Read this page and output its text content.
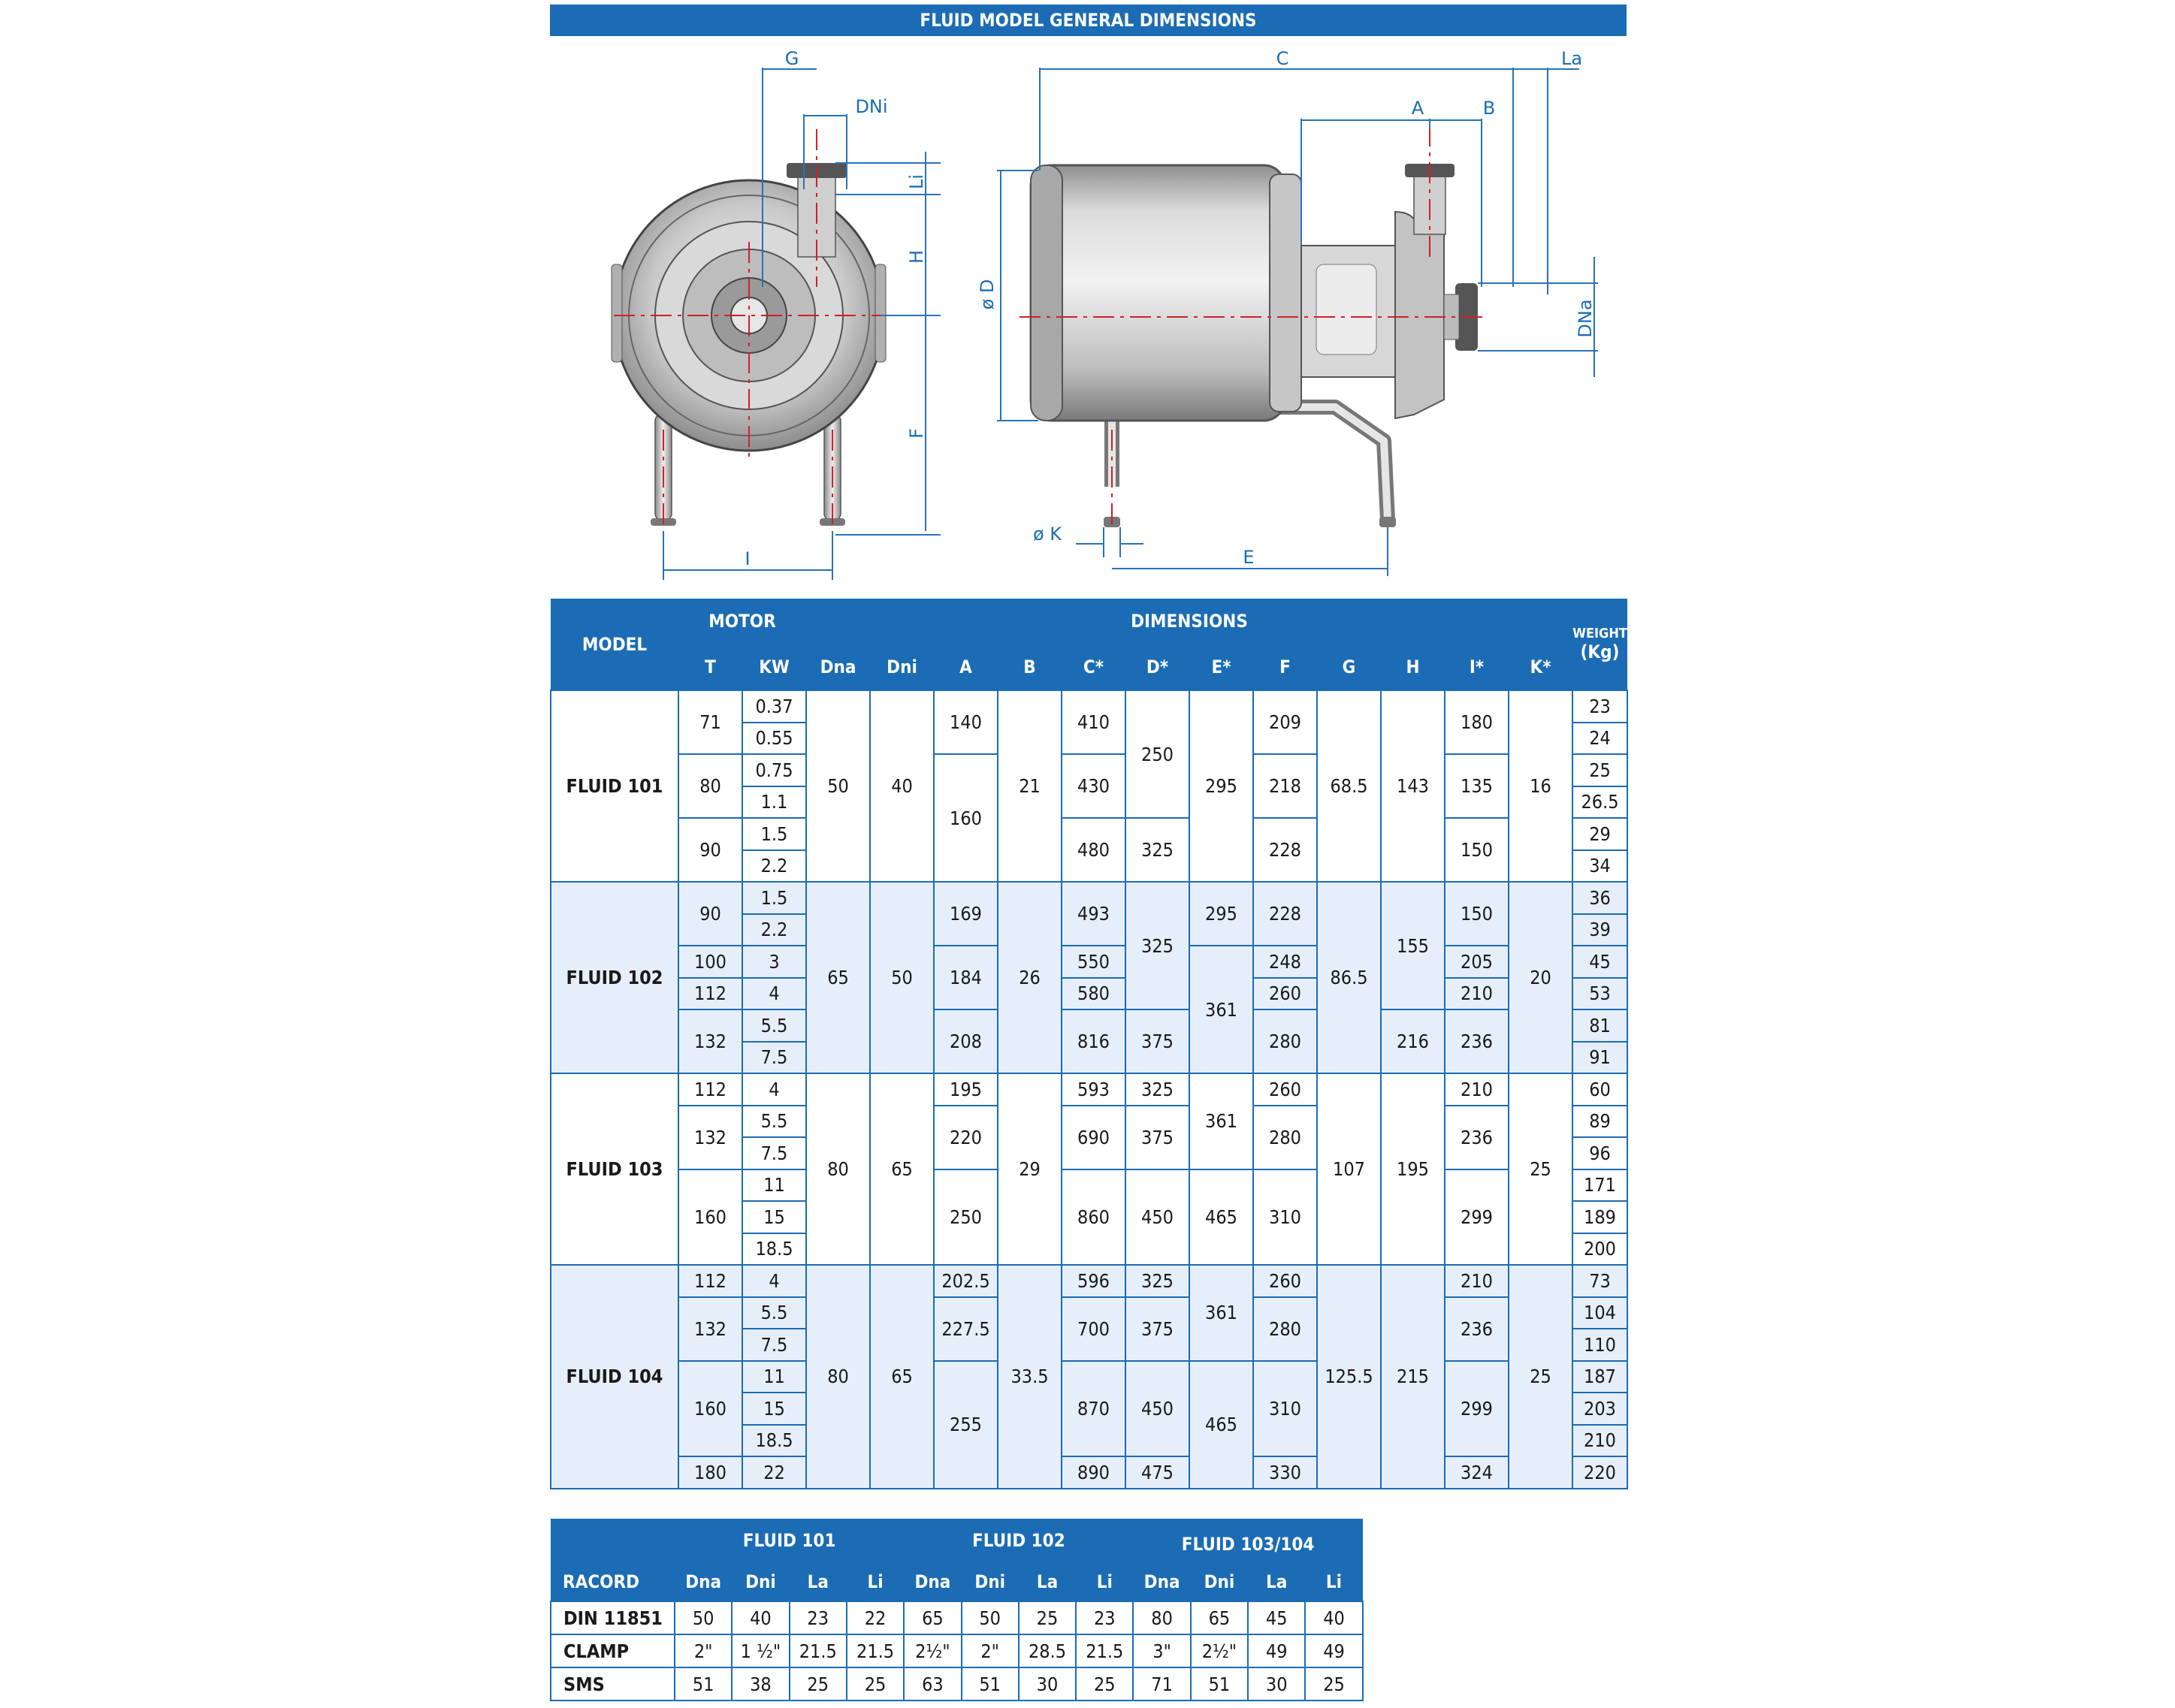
FLUID MODEL GENERAL DIMENSIONS
G
DNi
Li
H
F
I
C	La
A	B
ø D
DNa
ø K
E
MODEL	MOTOR		DIMENSIONS												WEIGHT
(Kg)

	T	KW	Dna	Dni	A	B	C*	D*	E*	F	G	H	I*	K*	
FLUID 101	71	0.37	50	40	140	21	410	250	295	209	68.5	143	180	16	23
		0.55													24
	80	0.75			160		430			218			135		25
		1.1													26.5
	90	1.5					480	325		228			150		29
		2.2													34
FLUID 102	90	1.5	65	50	169	26	493	325	295	228	86.5	155	150	20	36
		2.2													39
	100	3			184		550		361	248			205		45
	112	4					580			260			210		53
	132	5.5			208		816	375		280		216	236		81
		7.5													91
FLUID 103	112	4	80	65	195	29	593	325	361	260	107	195	210	25	60
	132	5.5			220		690	375		280			236		89
		7.5													96
	160	11			250		860	450	465	310			299		171
		15													189
		18.5													200
FLUID 104	112	4	80	65	202.5	33.5	596	325	361	260	125.5	215	210	25	73
	132	5.5			227.5		700	375		280			236		104
		7.5													110
	160	11			255		870	450	465	310			299		187
		15													203
		18.5													210
	180	22					890	475		330			324		220
	FLUID 101				FLUID 102				FLUID 103/104			
RACORD	Dna	Dni	La	Li	Dna	Dni	La	Li	Dna	Dni	La	Li
DIN 11851	50	40	23	22	65	50	25	23	80	65	45	40
CLAMP	2"	1 ½"	21.5	21.5	2½"	2"	28.5	21.5	3"	2½"	49	49
SMS	51	38	25	25	63	51	30	25	71	51	30	25
